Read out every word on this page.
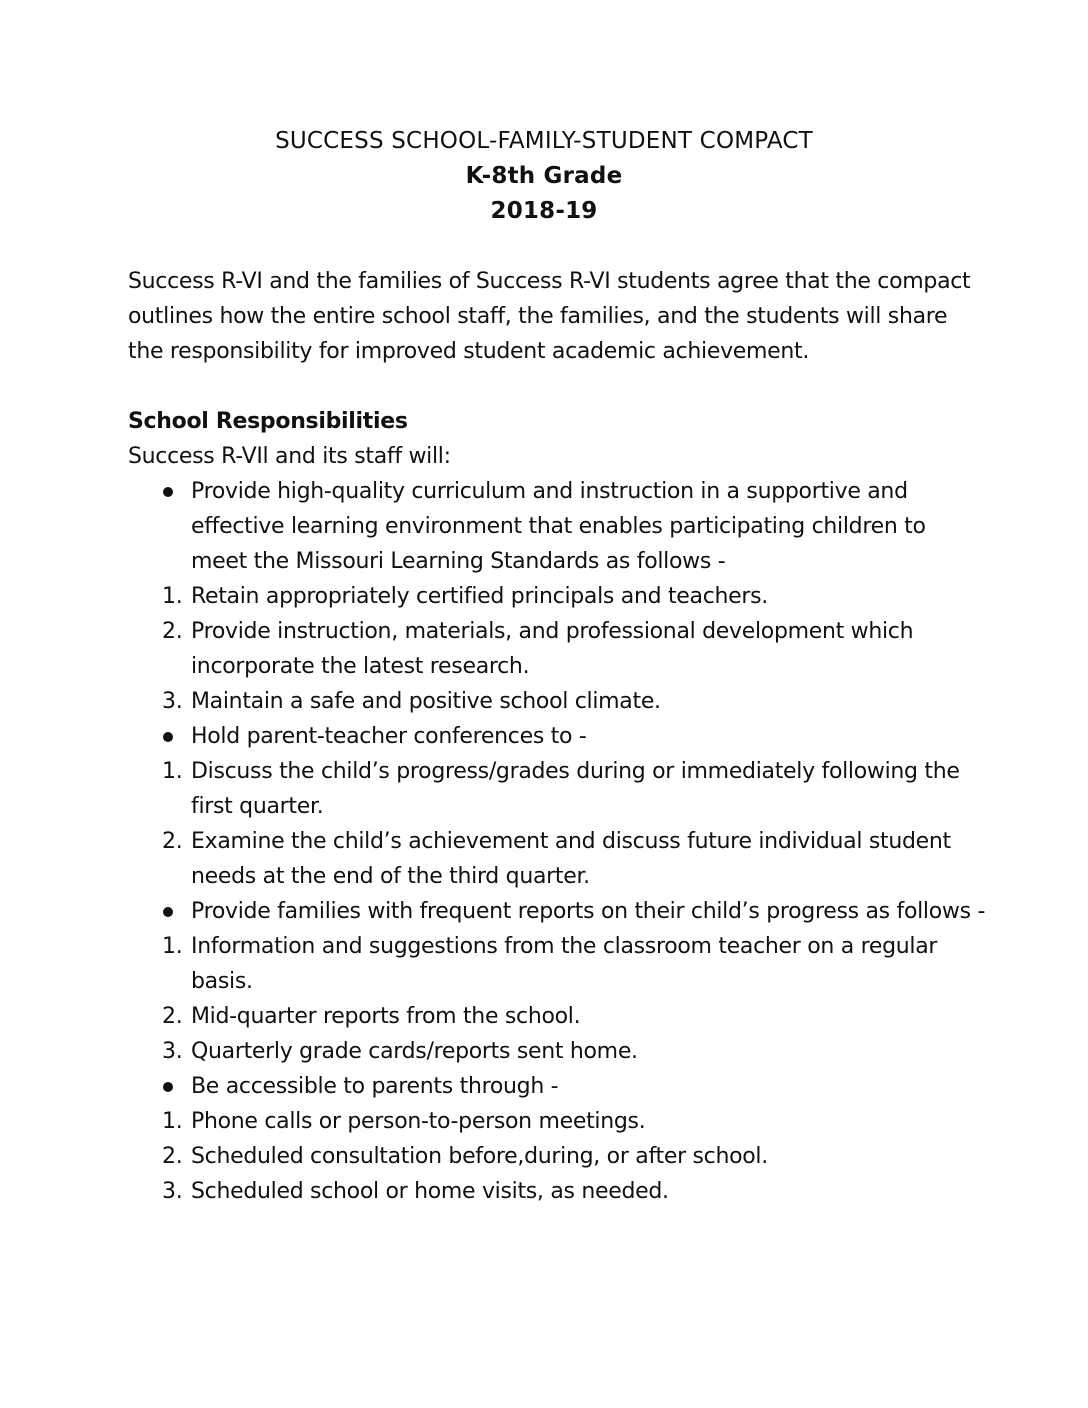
SUCCESS SCHOOL-FAMILY-STUDENT COMPACT
K-8th Grade
2018-19

Success R-VI and the families of Success R-VI students agree that the compact outlines how the entire school staff, the families, and the students will share the responsibility for improved student academic achievement.

School Responsibilities

Success R-VIl and its staff will:

Provide high-quality curriculum and instruction in a supportive and effective learning environment that enables participating children to meet the Missouri Learning Standards as follows -
1. Retain appropriately certified principals and teachers.
2. Provide instruction, materials, and professional development which incorporate the latest research.
3. Maintain a safe and positive school climate.
Hold parent-teacher conferences to -
1. Discuss the child’s progress/grades during or immediately following the first quarter.
2. Examine the child’s achievement and discuss future individual student needs at the end of the third quarter.
Provide families with frequent reports on their child’s progress as follows -
1. Information and suggestions from the classroom teacher on a regular basis.
2. Mid-quarter reports from the school.
3. Quarterly grade cards/reports sent home.
Be accessible to parents through -
1. Phone calls or person-to-person meetings.
2. Scheduled consultation before,during, or after school.
3. Scheduled school or home visits, as needed.
